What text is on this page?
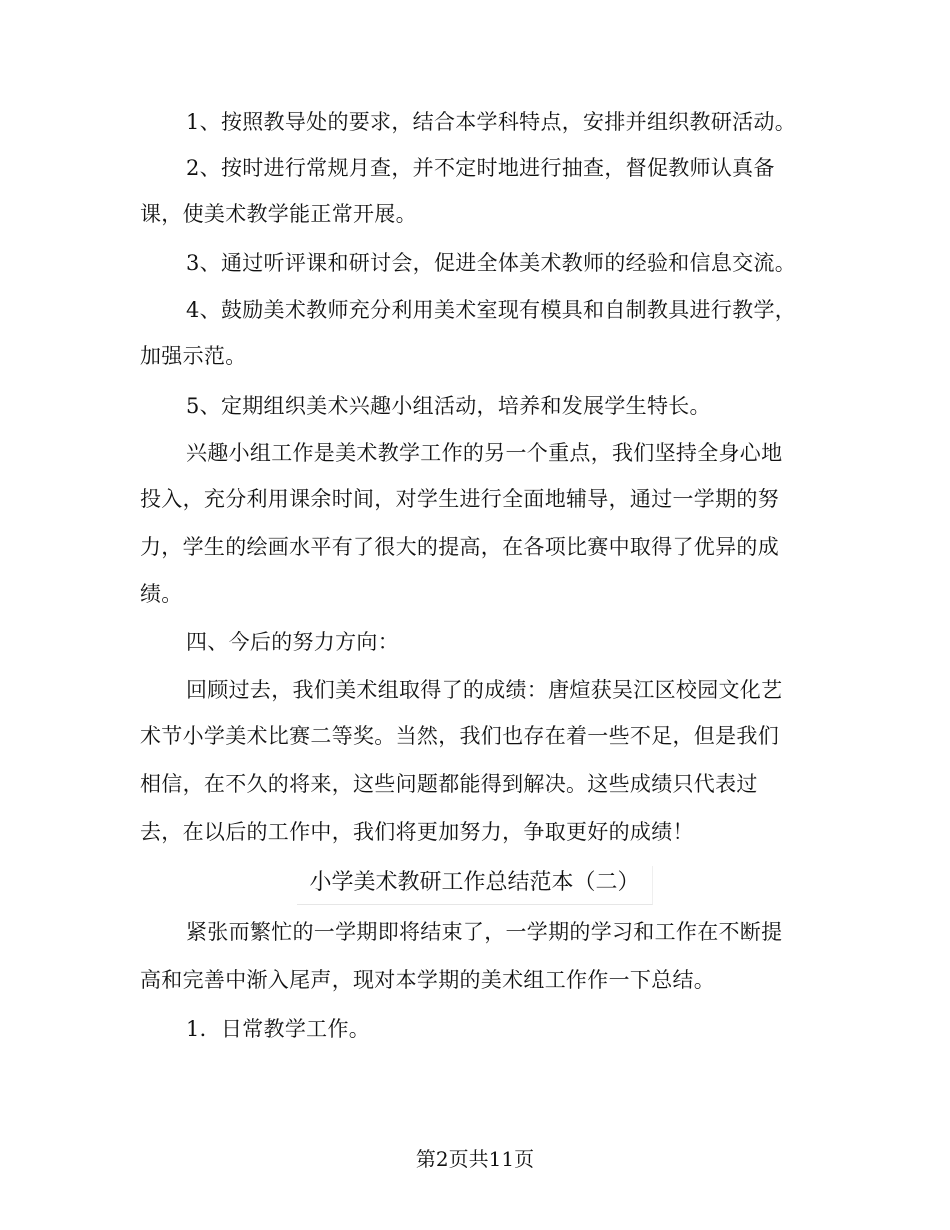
1、按照教导处的要求，结合本学科特点，安排并组织教研活动。
2、按时进行常规月查，并不定时地进行抽查，督促教师认真备
课，使美术教学能正常开展。
3、通过听评课和研讨会，促进全体美术教师的经验和信息交流。
4、鼓励美术教师充分利用美术室现有模具和自制教具进行教学，
加强示范。
5、定期组织美术兴趣小组活动，培养和发展学生特长。
兴趣小组工作是美术教学工作的另一个重点，我们坚持全身心地
投入，充分利用课余时间，对学生进行全面地辅导，通过一学期的努
力，学生的绘画水平有了很大的提高，在各项比赛中取得了优异的成
绩。
四、今后的努力方向：
回顾过去，我们美术组取得了的成绩：唐煊获吴江区校园文化艺
术节小学美术比赛二等奖。当然，我们也存在着一些不足，但是我们
相信，在不久的将来，这些问题都能得到解决。这些成绩只代表过
去，在以后的工作中，我们将更加努力，争取更好的成绩！
小学美术教研工作总结范本（二）
紧张而繁忙的一学期即将结束了，一学期的学习和工作在不断提
高和完善中渐入尾声，现对本学期的美术组工作作一下总结。
1．日常教学工作。
第2页共11页
